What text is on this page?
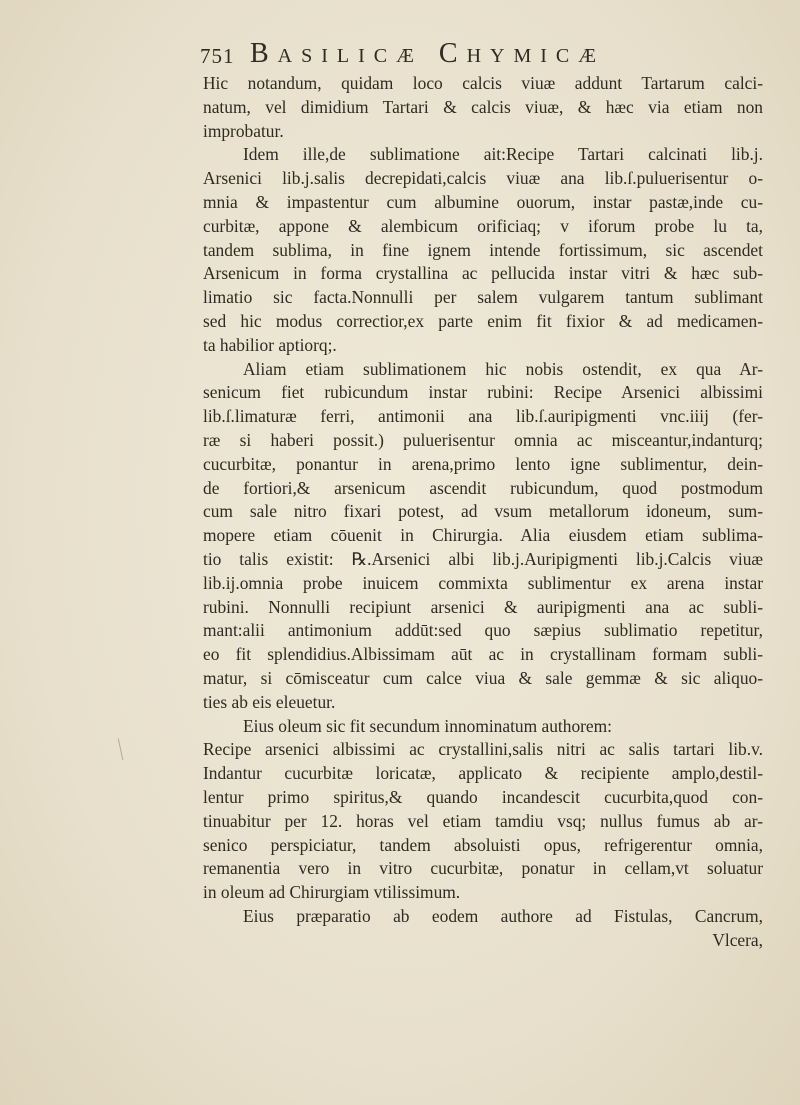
751 Basilicæ Chymicæ
Hic notandum, quidam loco calcis viuæ addunt Tartarum calci-
natum, vel dimidium Tartari & calcis viuæ, & hæc via etiam non
improbatur.
Idem ille,de sublimatione ait:Recipe Tartari calcinati lib.j.
Arsenici lib.j.salis decrepidati,calcis viuæ ana lib.ſ.puluerisentur o-
mnia & impastentur cum albumine ouorum, instar pastæ,inde cu-
curbitæ, appone & alembicum orificiaq; v iforum probe lu ta,
tandem sublima, in fine ignem intende fortissimum, sic ascendet
Arsenicum in forma crystallina ac pellucida instar vitri & hæc sub-
limatio sic facta.Nonnulli per salem vulgarem tantum sublimant
sed hic modus correctior,ex parte enim fit fixior & ad medicamen-
ta habilior aptiorq;.
Aliam etiam sublimationem hic nobis ostendit, ex qua Ar-
senicum fiet rubicundum instar rubini: Recipe Arsenici albissimi
lib.ſ.limaturæ ferri, antimonii ana lib.ſ.auripigmenti vnc.iiij (fer-
ræ si haberi possit.) puluerisentur omnia ac misceantur,indanturq;
cucurbitæ, ponantur in arena,primo lento igne sublimentur, dein-
de fortiori,& arsenicum ascendit rubicundum, quod postmodum
cum sale nitro fixari potest, ad vsum metallorum idoneum, sum-
mopere etiam cōuenit in Chirurgia. Alia eiusdem etiam sublima-
tio talis existit: ℞.Arsenici albi lib.j.Auripigmenti lib.j.Calcis viuæ
lib.ij.omnia probe inuicem commixta sublimentur ex arena instar
rubini. Nonnulli recipiunt arsenici & auripigmenti ana ac subli-
mant:alii antimonium addūt:sed quo sæpius sublimatio repetitur,
eo fit splendidius.Albissimam aūt ac in crystallinam formam subli-
matur, si cōmisceatur cum calce viua & sale gemmæ & sic aliquo-
ties ab eis eleuetur.
Eius oleum sic fit secundum innominatum authorem:
Recipe arsenici albissimi ac crystallini,salis nitri ac salis tartari lib.v.
Indantur cucurbitæ loricatæ, applicato & recipiente amplo,destil-
lentur primo spiritus,& quando incandescit cucurbita,quod con-
tinuabitur per 12. horas vel etiam tamdiu vsq; nullus fumus ab ar-
senico perspiciatur, tandem absoluisti opus, refrigerentur omnia,
remanentia vero in vitro cucurbitæ, ponatur in cellam,vt soluatur
in oleum ad Chirurgiam vtilissimum.
Eius præparatio ab eodem authore ad Fistulas, Cancrum,
Vlcera,
